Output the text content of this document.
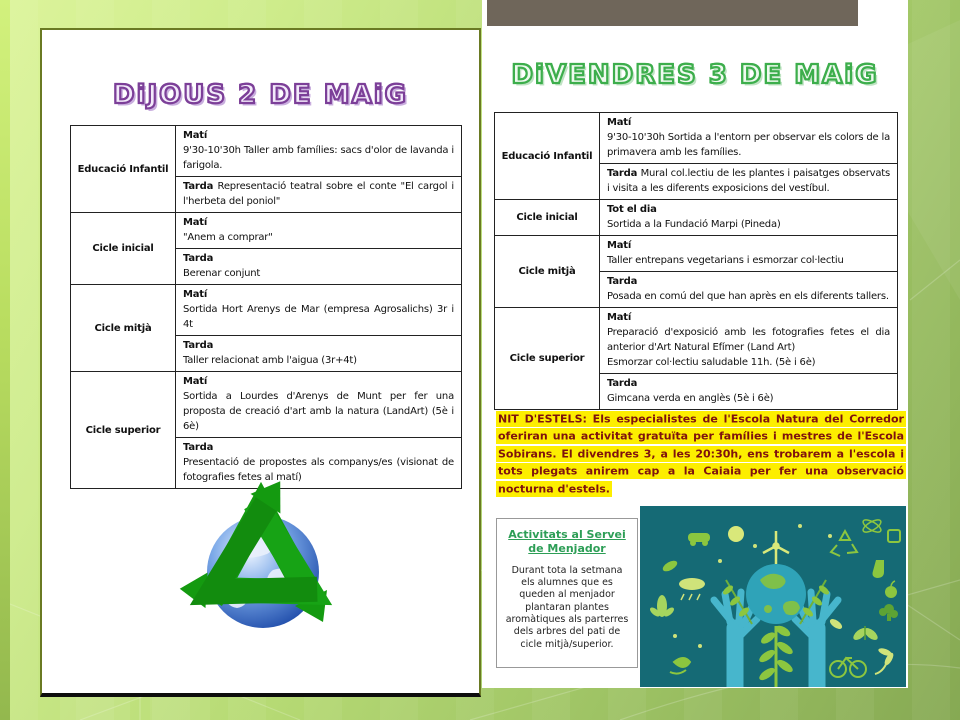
DiJOUS 2 DE MAiG
Educació Infantil	Matí
9'30-10'30h Taller amb famílies: sacs d'olor de lavanda i farigola.

	Tarda Representació teatral sobre el conte "El cargol i l'herbeta del poniol"

Cicle inicial	Matí
"Anem a comprar"

	Tarda
Berenar conjunt

Cicle mitjà	Matí
Sortida Hort Arenys de Mar (empresa Agrosalichs) 3r i 4t

	Tarda
Taller relacionat amb l'aigua (3r+4t)

Cicle superior	Matí
Sortida a Lourdes d'Arenys de Munt per fer una proposta de creació d'art amb la natura (LandArt) (5è i 6è)

	Tarda
Presentació de propostes als companys/es (visionat de fotografies fetes al matí)
DiVENDRES 3 DE MAiG
Educació Infantil	Matí
9'30-10'30h Sortida a l'entorn per observar els colors de la primavera amb les famílies.

	Tarda Mural col.lectiu de les plantes i paisatges observats i visita a les diferents exposicions del vestíbul.

Cicle inicial	Tot el dia
Sortida a la Fundació Marpi (Pineda)

Cicle mitjà	Matí
Taller entrepans vegetarians i esmorzar col·lectiu

	Tarda
Posada en comú del que han après en els diferents tallers.

Cicle superior	Matí
Preparació d'exposició amb les fotografies fetes el dia anterior d'Art Natural Efímer (Land Art)
Esmorzar col·lectiu saludable 11h. (5è i 6è)

	Tarda
Gimcana verda en anglès (5è i 6è)
NIT D'ESTELS: Els especialistes de l'Escola Natura del Corredor oferiran una activitat gratuïta per famílies i mestres de l'Escola Sobirans. El divendres 3, a les 20:30h, ens trobarem a l'escola i tots plegats anirem cap a la Caiaia per fer una observació nocturna d'estels.
Activitats al Servei de Menjador
Durant tota la setmana els alumnes que es queden al menjador plantaran plantes aromàtiques als parterres dels arbres del pati de cicle mitjà/superior.
